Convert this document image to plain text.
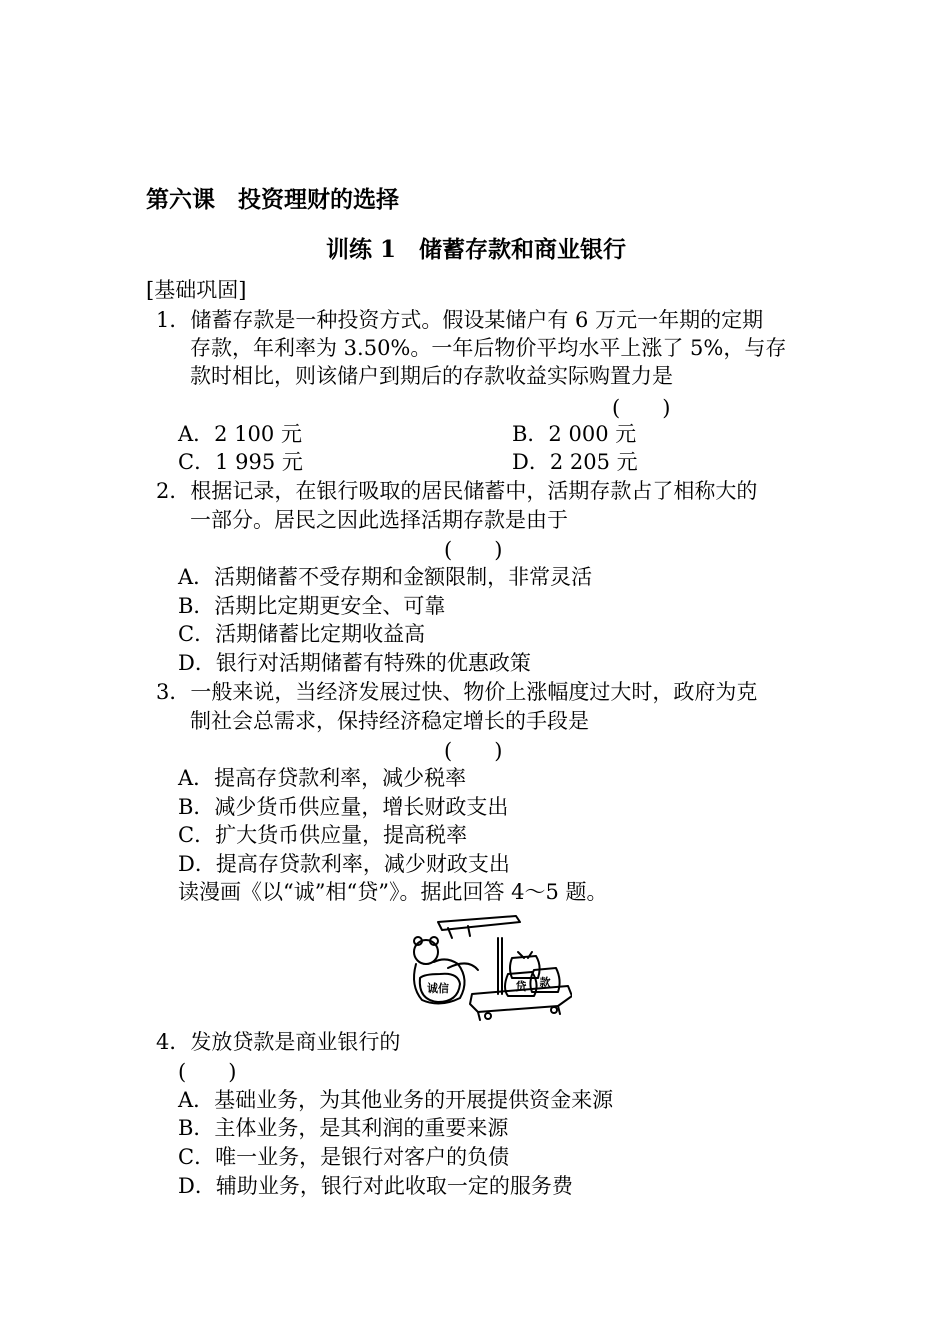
第六课　投资理财的选择
训练 1　储蓄存款和商业银行
[基础巩固]
1．储蓄存款是一种投资方式。假设某储户有 6 万元一年期的定期
存款，年利率为 3.50%。一年后物价平均水平上涨了 5%，与存
款时相比，则该储户到期后的存款收益实际购置力是
(　　)
A．2 100 元	B．2 000 元
C．1 995 元	D．2 205 元
2．根据记录，在银行吸取的居民储蓄中，活期存款占了相称大的
一部分。居民之因此选择活期存款是由于
(　　)
A．活期储蓄不受存期和金额限制，非常灵活
B．活期比定期更安全、可靠
C．活期储蓄比定期收益高
D．银行对活期储蓄有特殊的优惠政策
3．一般来说，当经济发展过快、物价上涨幅度过大时，政府为克
制社会总需求，保持经济稳定增长的手段是
(　　)
A．提高存贷款利率，减少税率
B．减少货币供应量，增长财政支出
C．扩大货币供应量，提高税率
D．提高存贷款利率，减少财政支出
读漫画《以“诚”相“贷”》。据此回答 4～5 题。
诚信	贷 款
4．发放贷款是商业银行的
(　　)
A．基础业务，为其他业务的开展提供资金来源
B．主体业务，是其利润的重要来源
C．唯一业务，是银行对客户的负债
D．辅助业务，银行对此收取一定的服务费
